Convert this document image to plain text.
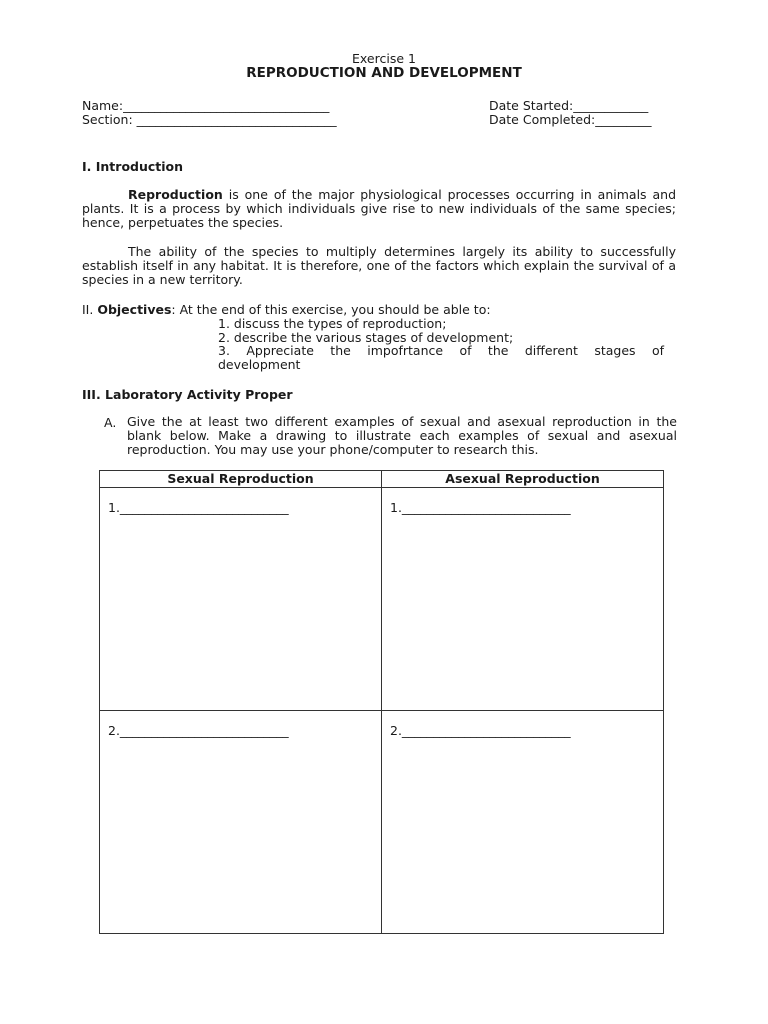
Exercise 1
REPRODUCTION AND DEVELOPMENT
Name:_________________________________
Section: ________________________________
Date Started:____________
Date Completed:_________
I. Introduction
Reproduction is one of the major physiological processes occurring in animals and plants. It is a process by which individuals give rise to new individuals of the same species; hence, perpetuates the species.
The ability of the species to multiply determines largely its ability to successfully establish itself in any habitat. It is therefore, one of the factors which explain the survival of a species in a new territory.
II. Objectives: At the end of this exercise, you should be able to:
1. discuss the types of reproduction;
2. describe the various stages of development;
3. Appreciate the impofrtance of the different stages of
development
III. Laboratory Activity Proper
A. Give the at least two different examples of sexual and asexual reproduction in the blank below. Make a drawing to illustrate each examples of sexual and asexual reproduction. You may use your phone/computer to research this.
Sexual Reproduction	Asexual Reproduction

1.___________________________	1.___________________________

2.___________________________	2.___________________________
